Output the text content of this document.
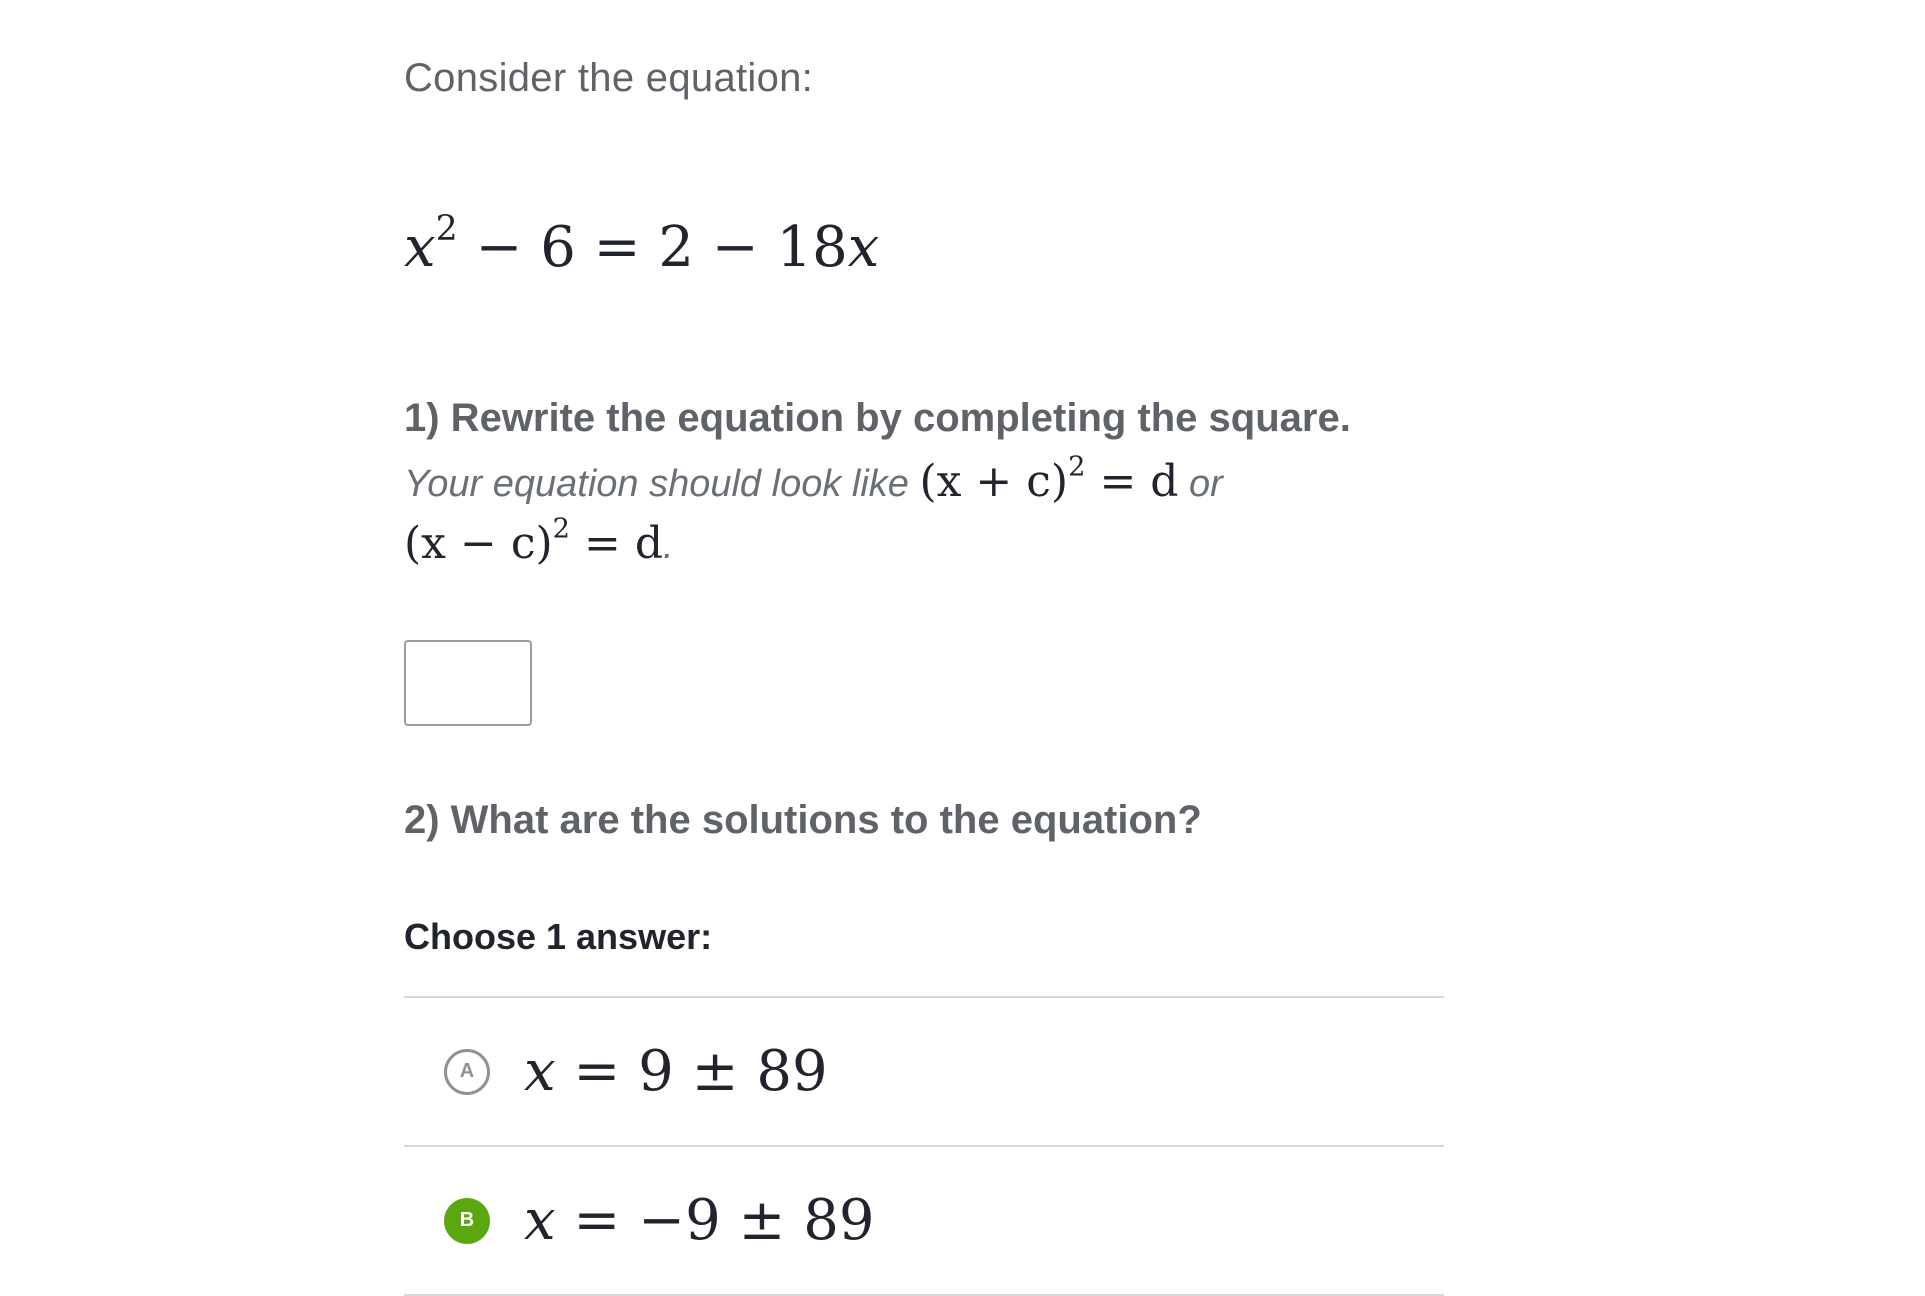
Consider the equation:
$x^2 - 6 = 2 - 18x$
1) Rewrite the equation by completing the square.
Your equation should look like $(x + c)^2 = d$ or
$(x - c)^2 = d$.
2) What are the solutions to the equation?
Choose 1 answer:
A x = 9 ± 89
B x = −9 ± 89
